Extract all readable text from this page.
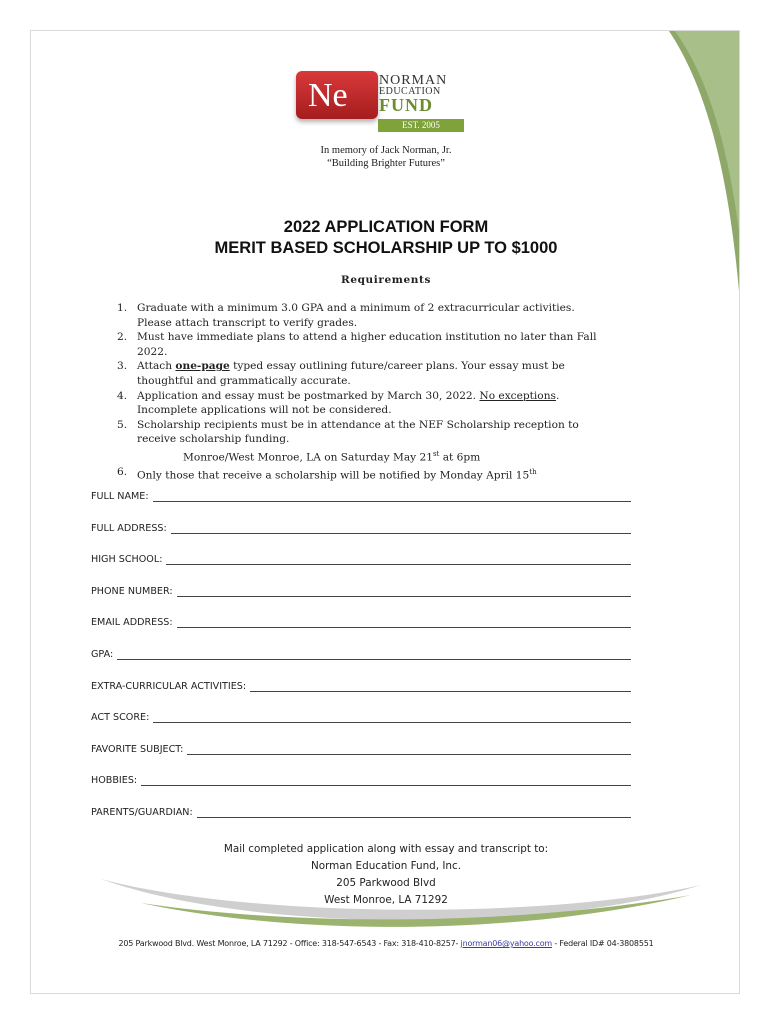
Ne NORMAN
EDUCATION
FUND
EST. 2005
In memory of Jack Norman, Jr.
“Building Brighter Futures”
2022 APPLICATION FORM
MERIT BASED SCHOLARSHIP UP TO $1000
Requirements
1. Graduate with a minimum 3.0 GPA and a minimum of 2 extracurricular activities.
Please attach transcript to verify grades.
2. Must have immediate plans to attend a higher education institution no later than Fall
2022.
3. Attach one-page typed essay outlining future/career plans. Your essay must be
thoughtful and grammatically accurate.
4. Application and essay must be postmarked by March 30, 2022. No exceptions.
Incomplete applications will not be considered.
5. Scholarship recipients must be in attendance at the NEF Scholarship reception to
receive scholarship funding.
Monroe/West Monroe, LA on Saturday May 21st at 6pm
6. Only those that receive a scholarship will be notified by Monday April 15th
FULL NAME:
FULL ADDRESS:
HIGH SCHOOL:
PHONE NUMBER:
EMAIL ADDRESS:
GPA:
EXTRA-CURRICULAR ACTIVITIES:
ACT SCORE:
FAVORITE SUBJECT:
HOBBIES:
PARENTS/GUARDIAN:
Mail completed application along with essay and transcript to:
Norman Education Fund, Inc.
205 Parkwood Blvd
West Monroe, LA 71292
205 Parkwood Blvd. West Monroe, LA 71292 - Office: 318-547-6543 - Fax: 318-410-8257- jnorman06@yahoo.com - Federal ID# 04-3808551
